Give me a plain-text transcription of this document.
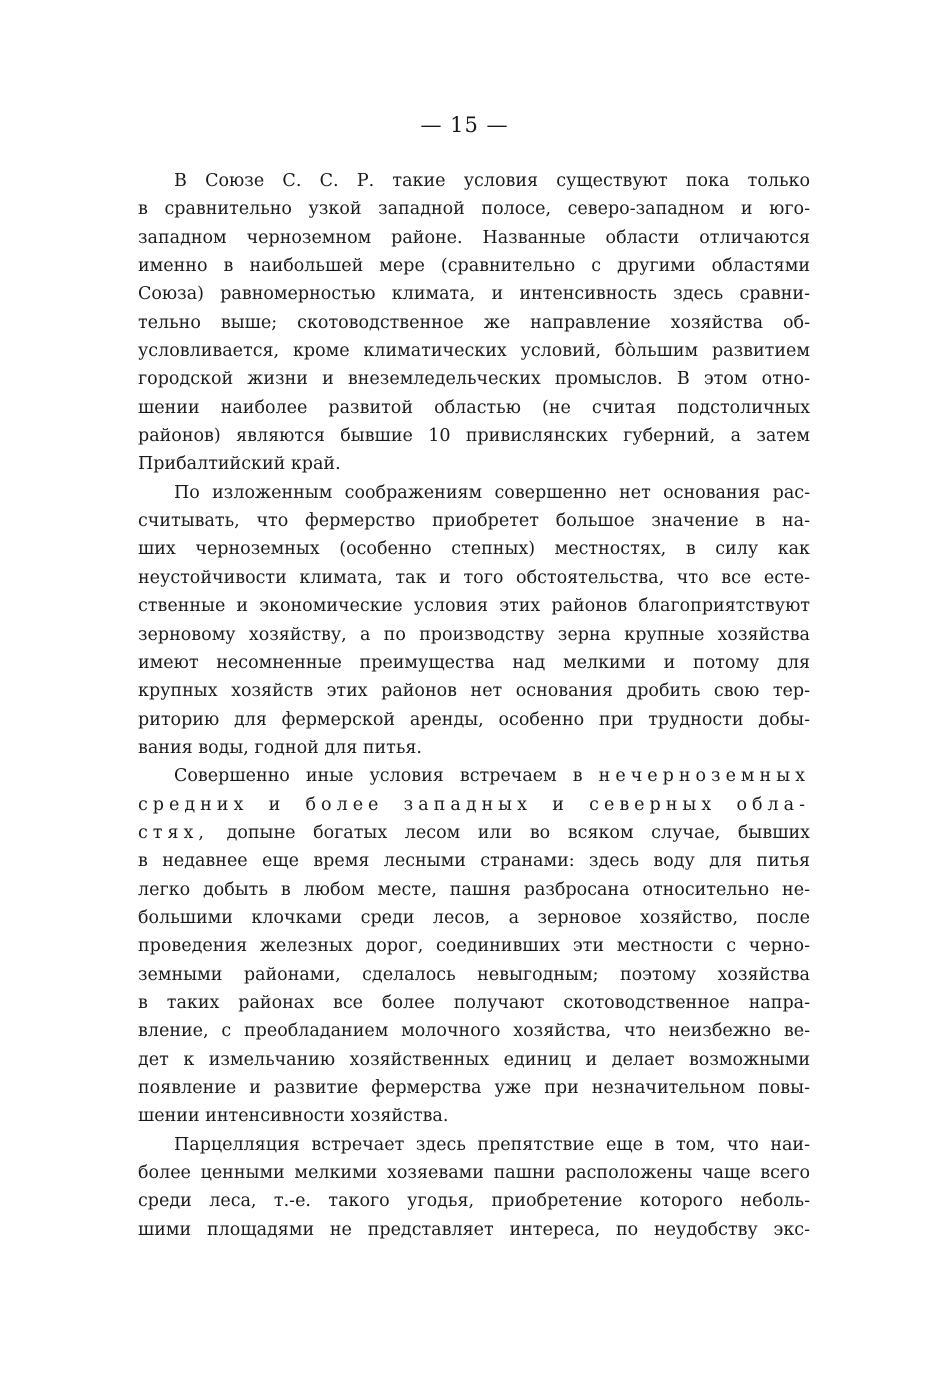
— 15 —
В Союзе С. С. Р. такие условия существуют пока только
в сравнительно узкой западной полосе, северо-западном и юго-
западном черноземном районе. Названные области отличаются
именно в наибольшей мере (сравнительно с другими областями
Союза) равномерностью климата, и интенсивность здесь сравни-
тельно выше; скотоводственное же направление хозяйства об-
условливается, кроме климатических условий, бо̀льшим развитием
городской жизни и внеземледельческих промыслов. В этом отно-
шении наиболее развитой областью (не считая подстоличных
районов) являются бывшие 10 привислянских губерний, а затем
Прибалтийский край.
По изложенным соображениям совершенно нет основания рас-
считывать, что фермерство приобретет большое значение в на-
ших черноземных (особенно степных) местностях, в силу как
неустойчивости климата, так и того обстоятельства, что все есте-
ственные и экономические условия этих районов благоприятствуют
зерновому хозяйству, а по производству зерна крупные хозяйства
имеют несомненные преимущества над мелкими и потому для
крупных хозяйств этих районов нет основания дробить свою тер-
риторию для фермерской аренды, особенно при трудности добы-
вания воды, годной для питья.
Совершенно иные условия встречаем в нечерноземных
средних и более западных и северных обла-
стях, допыне богатых лесом или во всяком случае, бывших
в недавнее еще время лесными странами: здесь воду для питья
легко добыть в любом месте, пашня разбросана относительно не-
большими клочками среди лесов, а зерновое хозяйство, после
проведения железных дорог, соединивших эти местности с черно-
земными районами, сделалось невыгодным; поэтому хозяйства
в таких районах все более получают скотоводственное напра-
вление, с преобладанием молочного хозяйства, что неизбежно ве-
дет к измельчанию хозяйственных единиц и делает возможными
появление и развитие фермерства уже при незначительном повы-
шении интенсивности хозяйства.
Парцелляция встречает здесь препятствие еще в том, что наи-
более ценными мелкими хозяевами пашни расположены чаще всего
среди леса, т.-е. такого угодья, приобретение которого неболь-
шими площадями не представляет интереса, по неудобству экс-
